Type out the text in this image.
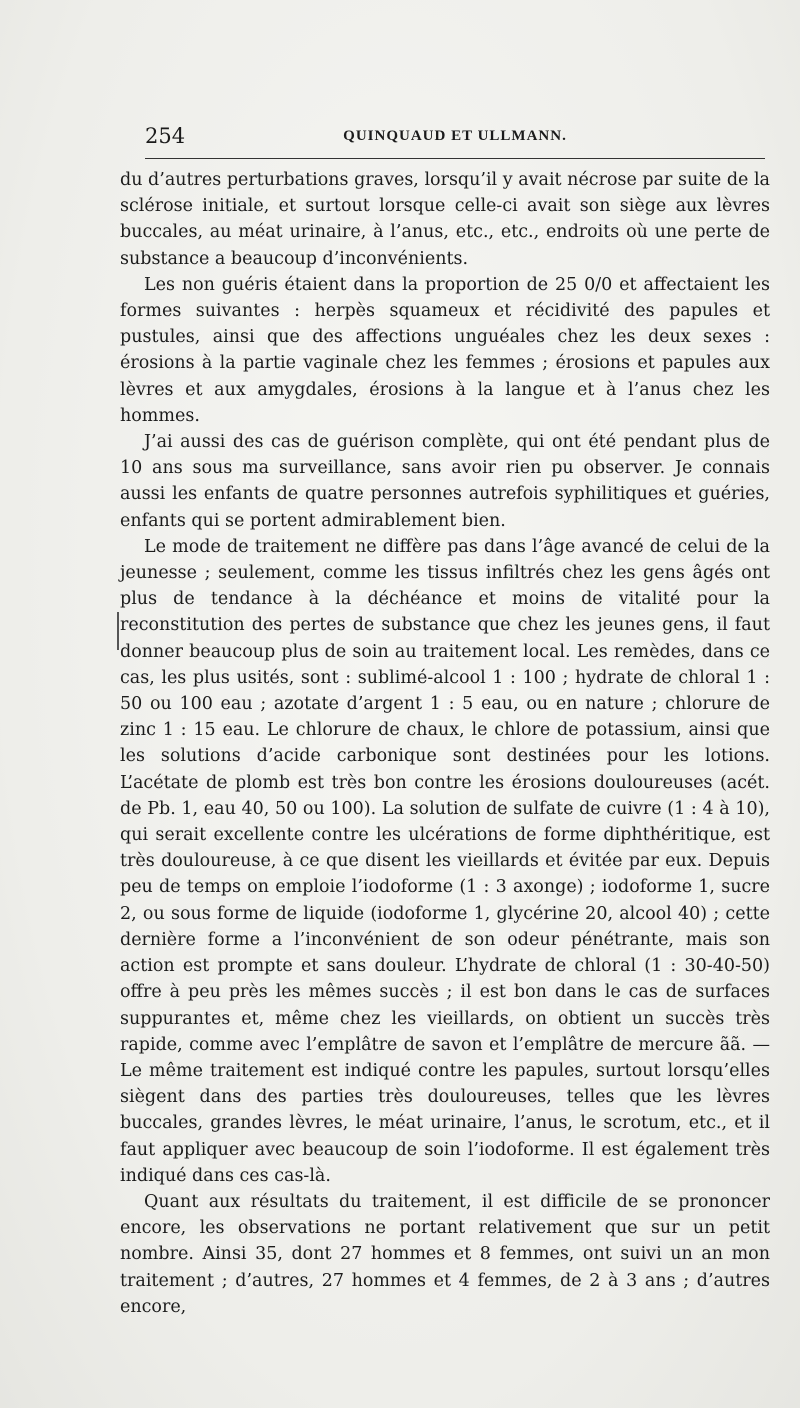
254	QUINQUAUD ET ULLMANN.

du d’autres perturbations graves, lorsqu’il y avait nécrose par suite de la sclérose initiale, et surtout lorsque celle-ci avait son siège aux lèvres buccales, au méat urinaire, à l’anus, etc., etc., endroits où une perte de substance a beaucoup d’inconvénients.

Les non guéris étaient dans la proportion de 25 0/0 et affectaient les formes suivantes : herpès squameux et récidivité des papules et pustules, ainsi que des affections unguéales chez les deux sexes : érosions à la partie vaginale chez les femmes ; érosions et papules aux lèvres et aux amygdales, érosions à la langue et à l’anus chez les hommes.

J’ai aussi des cas de guérison complète, qui ont été pendant plus de 10 ans sous ma surveillance, sans avoir rien pu observer. Je connais aussi les enfants de quatre personnes autrefois syphilitiques et guéries, enfants qui se portent admirablement bien.

Le mode de traitement ne diffère pas dans l’âge avancé de celui de la jeunesse ; seulement, comme les tissus infiltrés chez les gens âgés ont plus de tendance à la déchéance et moins de vitalité pour la reconstitution des pertes de substance que chez les jeunes gens, il faut donner beaucoup plus de soin au traitement local. Les remèdes, dans ce cas, les plus usités, sont : sublimé-alcool 1 : 100 ; hydrate de chloral 1 : 50 ou 100 eau ; azotate d’argent 1 : 5 eau, ou en nature ; chlorure de zinc 1 : 15 eau. Le chlorure de chaux, le chlore de potassium, ainsi que les solutions d’acide carbonique sont destinées pour les lotions. L’acétate de plomb est très bon contre les érosions douloureuses (acét. de Pb. 1, eau 40, 50 ou 100). La solution de sulfate de cuivre (1 : 4 à 10), qui serait excellente contre les ulcérations de forme diphthéritique, est très douloureuse, à ce que disent les vieillards et évitée par eux. Depuis peu de temps on emploie l’iodoforme (1 : 3 axonge) ; iodoforme 1, sucre 2, ou sous forme de liquide (iodoforme 1, glycérine 20, alcool 40) ; cette dernière forme a l’inconvénient de son odeur pénétrante, mais son action est prompte et sans douleur. L’hydrate de chloral (1 : 30-40-50) offre à peu près les mêmes succès ; il est bon dans le cas de surfaces suppurantes et, même chez les vieillards, on obtient un succès très rapide, comme avec l’emplâtre de savon et l’emplâtre de mercure ãã. — Le même traitement est indiqué contre les papules, surtout lorsqu’elles siègent dans des parties très douloureuses, telles que les lèvres buccales, grandes lèvres, le méat urinaire, l’anus, le scrotum, etc., et il faut appliquer avec beaucoup de soin l’iodoforme. Il est également très indiqué dans ces cas-là.

Quant aux résultats du traitement, il est difficile de se prononcer encore, les observations ne portant relativement que sur un petit nombre. Ainsi 35, dont 27 hommes et 8 femmes, ont suivi un an mon traitement ; d’autres, 27 hommes et 4 femmes, de 2 à 3 ans ; d’autres encore,
